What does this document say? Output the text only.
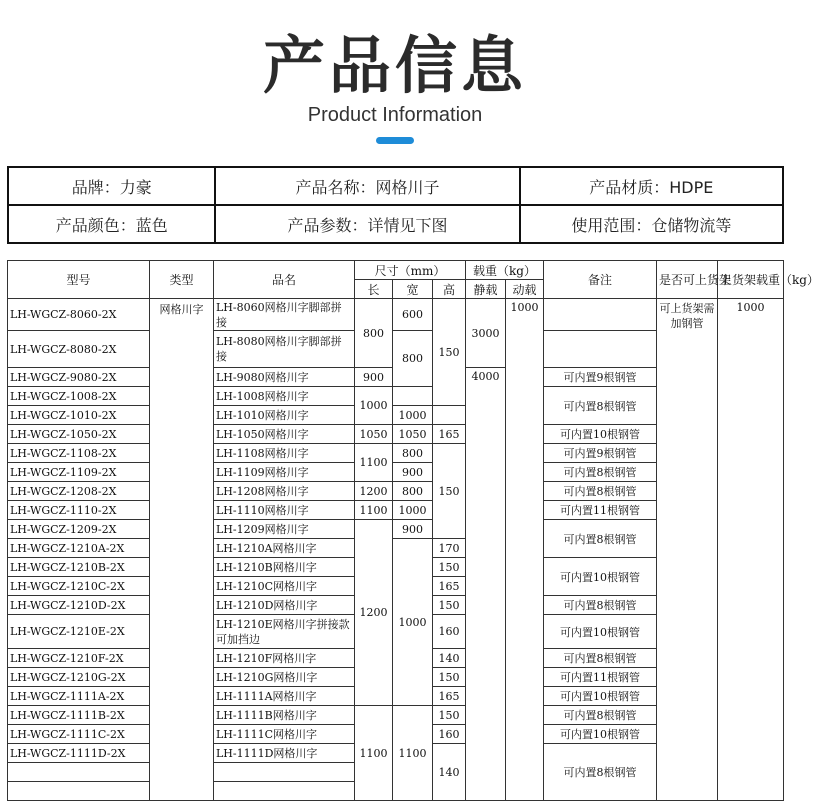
产品信息
Product Information
品牌：力豪	产品名称：网格川子	产品材质：HDPE
产品颜色：蓝色	产品参数：详情见下图	使用范围：仓储物流等
型号	类型	品名	尺寸（mm）			载重（kg）		备注	是否可上货架	上货架载重（kg）
			长	宽	高	静载	动载			
LH-WGCZ-8060-2X	网格川字	LH-8060网格川字脚部拼接	800	600	150	3000	1000		可上货架需加钢管	1000
LH-WGCZ-8080-2X		LH-8080网格川字脚部拼接		800						
LH-WGCZ-9080-2X		LH-9080网格川字	900			4000		可内置9根钢管		
LH-WGCZ-1008-2X		LH-1008网格川字	1000					可内置8根钢管		
LH-WGCZ-1010-2X		LH-1010网格川字		1000						
LH-WGCZ-1050-2X		LH-1050网格川字	1050	1050	165			可内置10根钢管		
LH-WGCZ-1108-2X		LH-1108网格川字	1100	800	150			可内置9根钢管		
LH-WGCZ-1109-2X		LH-1109网格川字		900				可内置8根钢管		
LH-WGCZ-1208-2X		LH-1208网格川字	1200	800				可内置8根钢管		
LH-WGCZ-1110-2X		LH-1110网格川字	1100	1000				可内置11根钢管		
LH-WGCZ-1209-2X		LH-1209网格川字	1200	900				可内置8根钢管		
LH-WGCZ-1210A-2X		LH-1210A网格川字		1000	170					
LH-WGCZ-1210B-2X		LH-1210B网格川字			150			可内置10根钢管		
LH-WGCZ-1210C-2X		LH-1210C网格川字			165					
LH-WGCZ-1210D-2X		LH-1210D网格川字			150			可内置8根钢管		
LH-WGCZ-1210E-2X		LH-1210E网格川字拼接款可加挡边			160			可内置10根钢管		
LH-WGCZ-1210F-2X		LH-1210F网格川字			140			可内置8根钢管		
LH-WGCZ-1210G-2X		LH-1210G网格川字			150			可内置11根钢管		
LH-WGCZ-1111A-2X		LH-1111A网格川字			165			可内置10根钢管		
LH-WGCZ-1111B-2X		LH-1111B网格川字	1100	1100	150			可内置8根钢管		
LH-WGCZ-1111C-2X		LH-1111C网格川字			160			可内置10根钢管		
LH-WGCZ-1111D-2X		LH-1111D网格川字			140			可内置8根钢管		
